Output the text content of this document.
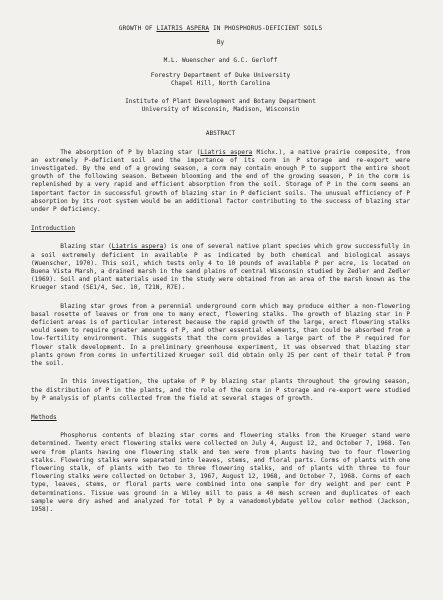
GROWTH OF LIATRIS ASPERA IN PHOSPHORUS-DEFICIENT SOILS
By
M.L. Wuenscher and G.C. Gerloff
Forestry Department of Duke University
Chapel Hill, North Carolina
Institute of Plant Development and Botany Department
University of Wisconsin, Madison, Wisconsin
ABSTRACT

The absorption of P by blazing star (Liatris aspera Michx.), a native prairie composite, from an extremely P-deficient soil and the importance of its corm in P storage and re-export were investigated. By the end of a growing season, a corm may contain enough P to support the entire shoot growth of the following season. Between blooming and the end of the growing season, P in the corm is replenished by a very rapid and efficient absorption from the soil. Storage of P in the corm seems an important factor in successful growth of blazing star in P deficient soils. The unusual efficiency of P absorption by its root system would be an additional factor contributing to the success of blazing star under P deficiency.

Introduction

Blazing star (Liatris aspera) is one of several native plant species which grow successfully in a soil extremely deficient in available P as indicated by both chemical and biological assays (Wuenscher, 1970). This soil, which tests only 4 to 10 pounds of available P per acre, is located on Buena Vista Marsh, a drained marsh in the sand plains of central Wisconsin studied by Zedler and Zedler (1969). Soil and plant materials used in the study were obtained from an area of the marsh known as the Krueger stand (SE1/4, Sec. 10, T21N, R7E).

Blazing star grows from a perennial underground corm which may produce either a non-flowering basal rosette of leaves or from one to many erect, flowering stalks. The growth of blazing star in P deficient areas is of particular interest because the rapid growth of the large, erect flowering stalks would seem to require greater amounts of P, and other essential elements, than could be absorbed from a low-fertility environment. This suggests that the corm provides a large part of the P required for flower stalk development. In a preliminary greenhouse experiment, it was observed that blazing star plants grown from corms in unfertilized Krueger soil did obtain only 25 per cent of their total P from the soil.

In this investigation, the uptake of P by blazing star plants throughout the growing season, the distribution of P in the plants, and the role of the corm in P storage and re-export were studied by P analysis of plants collected from the field at several stages of growth.

Methods

Phosphorus contents of blazing star corms and flowering stalks from the Krueger stand were determined. Twenty erect flowering stalks were collected on July 4, August 12, and October 7, 1968. Ten were from plants having one flowering stalk and ten were from plants having two to four flowering stalks. Flowering stalks were separated into leaves, stems, and floral parts. Corms of plants with one flowering stalk, of plants with two to three flowering stalks, and of plants with three to four flowering stalks were collected on October 3, 1967, August 12, 1968, and October 7, 1968. Corms of each type, leaves, stems, or floral parts were combined into one sample for dry weight and per cent P determinations. Tissue was ground in a Wiley mill to pass a 40 mesh screen and duplicates of each sample were dry ashed and analyzed for total P by a vanadomolybdate yellow color method (Jackson, 1958).
